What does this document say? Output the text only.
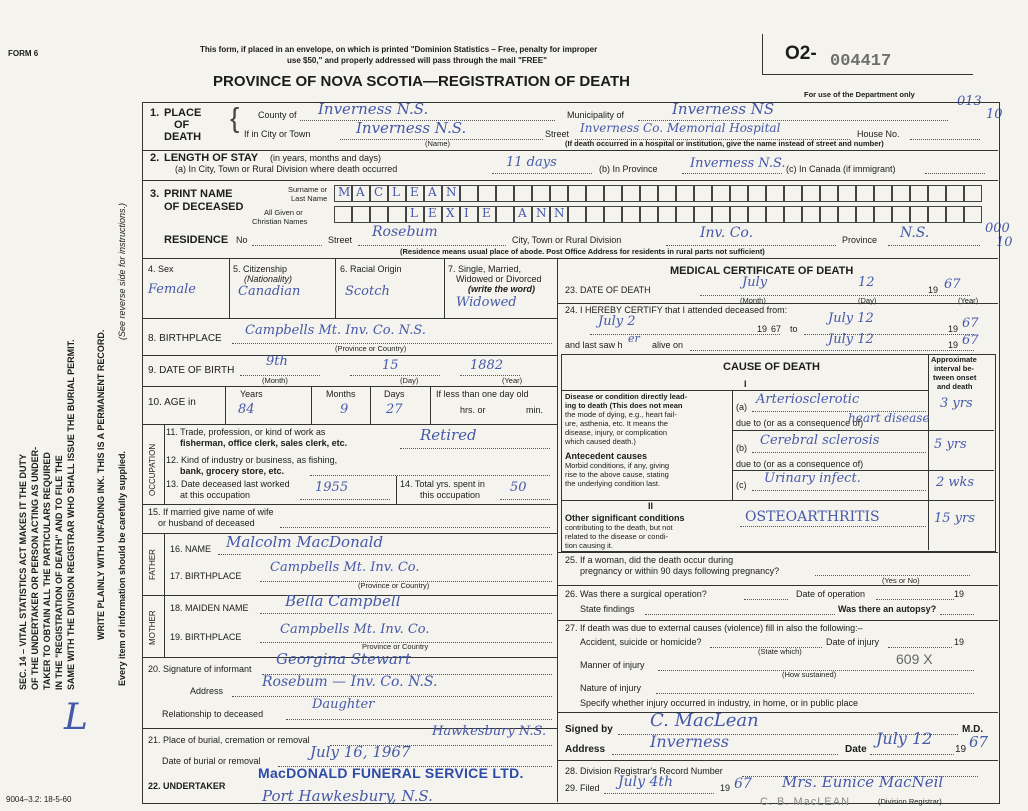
FORM 6	This form, if placed in an envelope, on which is printed "Dominion Statistics – Free, penalty for improper
use $50," and properly addressed will pass through the mail "FREE"
PROVINCE OF NOVA SCOTIA—REGISTRATION OF DEATH
O2- 004417
For use of the Department only	013
10
000
10
SEC. 14 – VITAL STATISTICS ACT MAKES IT THE DUTY OF THE UNDERTAKER OR PERSON ACTING AS UNDER- TAKER TO OBTAIN ALL THE PARTICULARS REQUIRED IN THE "REGISTRATION OF DEATH" AND TO FILE THE SAME WITH THE DIVISION REGISTRAR WHO SHALL ISSUE THE BURIAL PERMIT. WRITE PLAINLY WITH UNFADING INK. THIS IS A PERMANENT RECORD. Every item of information should be carefully supplied.
(See reverse side for instructions.)
L
9004–3.2: 18-5-60
1. PLACE
OF
DEATH
{ County of Inverness N.S.	Municipality of	Inverness NS
If in City or Town	Inverness N.S.	Street Inverness Co. Memorial Hospital	House No.
(Name)	(If death occurred in a hospital or institution, give the name instead of street and number)
2. LENGTH OF STAY (in years, months and days)
(a) In City, Town or Rural Division where death occurred	11 days	(b) In Province Inverness N.S. (c) In Canada (if immigrant)
3. PRINT NAME
OF DECEASED
Surname or
Last Name
All Given or
Christian Names
M A C L E A N
L E X I E A N N
RESIDENCE No	Street Rosebum	City, Town or Rural Division	Inv. Co.	Province N.S.
(Residence means usual place of abode. Post Office Address for residents in rural parts not sufficient)
4. Sex
Female
5. Citizenship
(Nationality)
Canadian
6. Racial Origin
Scotch
7. Single, Married,
Widowed or Divorced
(write the word)
Widowed
8. BIRTHPLACE
Campbells Mt. Inv. Co. N.S.
(Province or Country)
9. DATE OF BIRTH
9th	15	1882
(Month)	(Day)	(Year)
10. AGE in
Years
84
Months
9
Days
27
If less than one day old
hrs. or	min.
OCCUPATION
11. Trade, profession, or kind of work as
fisherman, office clerk, sales clerk, etc.	Retired
12. Kind of industry or business, as fishing,
bank, grocery store, etc.
13. Date deceased last worked
at this occupation	1955	14. Total yrs. spent in
this occupation 50
15. If married give name of wife
or husband of deceased
FATHER
16. NAME Malcolm MacDonald
17. BIRTHPLACE
Campbells Mt. Inv. Co.
(Province or Country)
MOTHER
18. MAIDEN NAME Bella Campbell
19. BIRTHPLACE	Campbells Mt. Inv. Co.
Province or Country
20. Signature of informant
Georgina Stewart
Address
Rosebum — Inv. Co. N.S.
Relationship to deceased
Daughter
21. Place of burial, cremation or removal
Hawkesbury N.S.
Date of burial or removal	July 16, 1967
22. UNDERTAKER
MacDONALD FUNERAL SERVICE LTD.
Port Hawkesbury, N.S.
MEDICAL CERTIFICATE OF DEATH
23. DATE OF DEATH	July	12	19 67
(Month)	(Day)	(Year)
24. I HEREBY CERTIFY that I attended deceased from:
July 2	19 67 to
July 12
19 67
and last saw h er alive on	July 12	19 67
CAUSE OF DEATH
Approximate
interval be-
tween onset
and death
I
Disease or condition directly lead-
ing to death (This does not mean
the mode of dying, e.g., heart fail-
ure, asthenia, etc. It means the
disease, injury, or complication
which caused death.)
(a) Arteriosclerotic
heart disease
3 yrs
due to (or as a consequence of)
Antecedent causes
Morbid conditions, if any, giving
rise to the above cause, stating
the underlying condition last.
(b) Cerebral sclerosis	5 yrs
due to (or as a consequence of)
(c) Urinary infect.	2 wks
II
Other significant conditions
contributing to the death, but not
related to the disease or condi-
tion causing it.
OSTEOARTHRITIS	15 yrs
25. If a woman, did the death occur during
pregnancy or within 90 days following pregnancy?
(Yes or No)
26. Was there a surgical operation?	Date of operation	19
State findings	Was there an autopsy?
27. If death was due to external causes (violence) fill in also the following:–
Accident, suicide or homicide?	Date of injury	19
(State which)
Manner of injury	609 X
(How sustained)
Nature of injury
Specify whether injury occurred in industry, in home, or in public place
Signed by C. MacLean	M.D.
Address	Inverness	Date
July 12
19 67
28. Division Registrar's Record Number
29. Filed July 4th	19 67 Mrs. Eunice MacNeil
C. B. MacLEAN	(Division Registrar)
